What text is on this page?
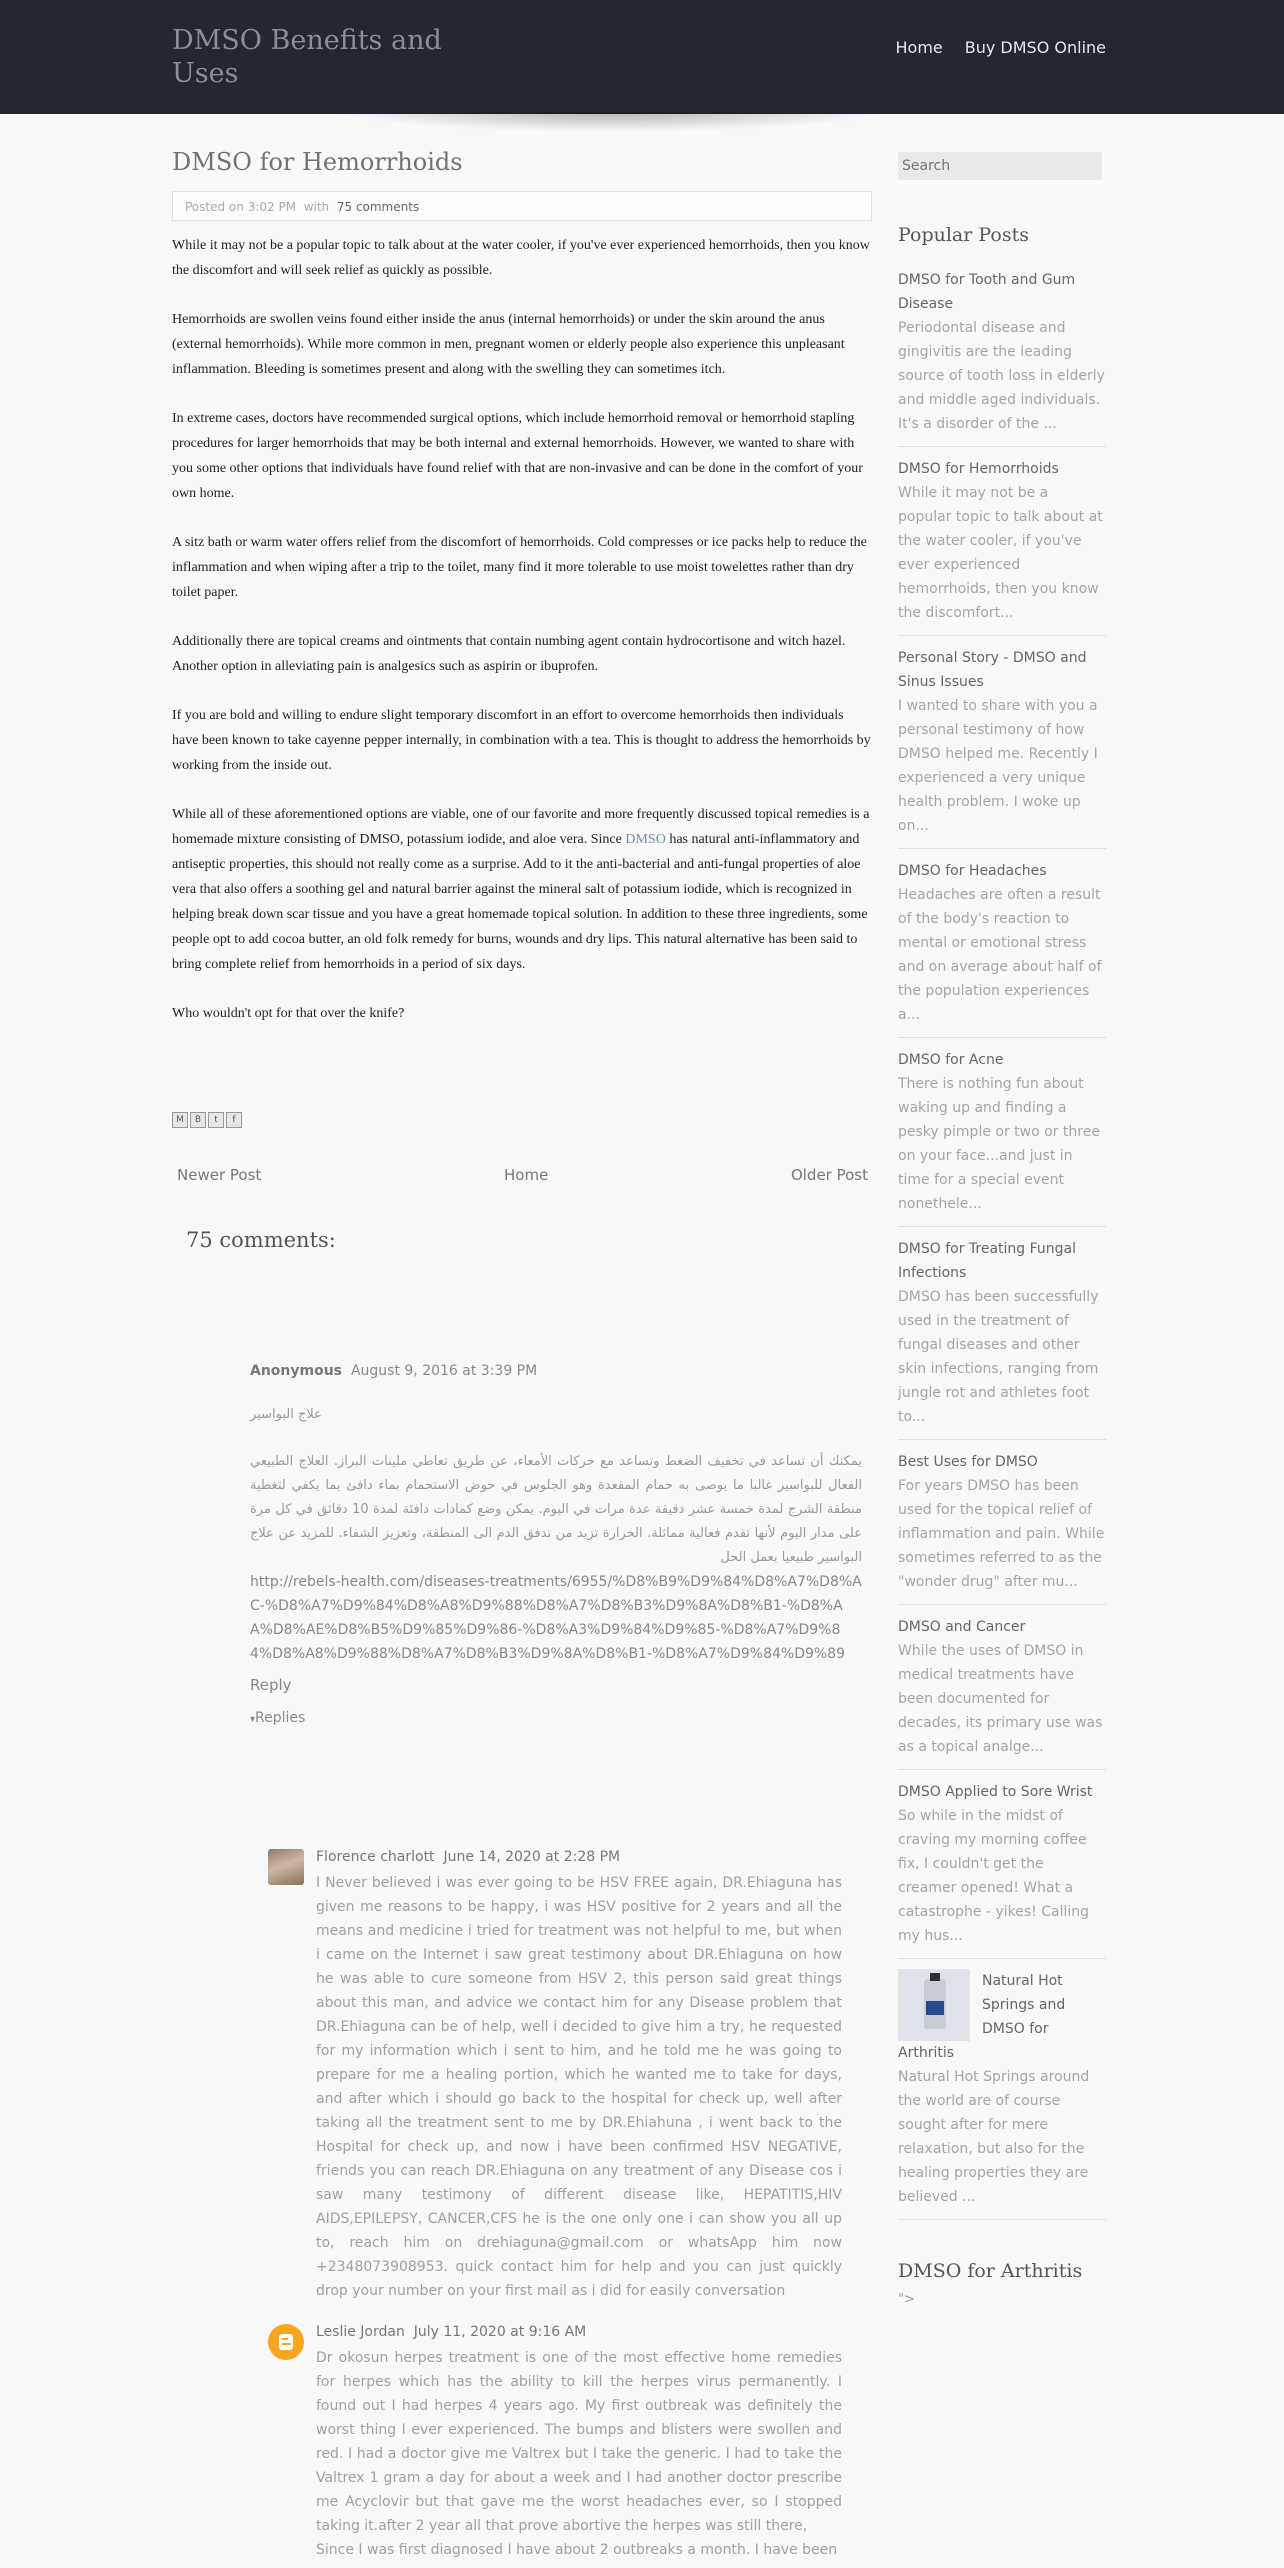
DMSO Benefits and Uses
Home Buy DMSO Online
DMSO for Hemorrhoids
Posted on 3:02 PM with 75 comments

While it may not be a popular topic to talk about at the water cooler, if you've ever experienced hemorrhoids, then you know the discomfort and will seek relief as quickly as possible.

Hemorrhoids are swollen veins found either inside the anus (internal hemorrhoids) or under the skin around the anus (external hemorrhoids). While more common in men, pregnant women or elderly people also experience this unpleasant inflammation. Bleeding is sometimes present and along with the swelling they can sometimes itch.

In extreme cases, doctors have recommended surgical options, which include hemorrhoid removal or hemorrhoid stapling procedures for larger hemorrhoids that may be both internal and external hemorrhoids. However, we wanted to share with you some other options that individuals have found relief with that are non-invasive and can be done in the comfort of your own home.

A sitz bath or warm water offers relief from the discomfort of hemorrhoids. Cold compresses or ice packs help to reduce the inflammation and when wiping after a trip to the toilet, many find it more tolerable to use moist towelettes rather than dry toilet paper.

Additionally there are topical creams and ointments that contain numbing agent contain hydrocortisone and witch hazel. Another option in alleviating pain is analgesics such as aspirin or ibuprofen.

If you are bold and willing to endure slight temporary discomfort in an effort to overcome hemorrhoids then individuals have been known to take cayenne pepper internally, in combination with a tea. This is thought to address the hemorrhoids by working from the inside out.

While all of these aforementioned options are viable, one of our favorite and more frequently discussed topical remedies is a homemade mixture consisting of DMSO, potassium iodide, and aloe vera. Since DMSO has natural anti-inflammatory and antiseptic properties, this should not really come as a surprise. Add to it the anti-bacterial and anti-fungal properties of aloe vera that also offers a soothing gel and natural barrier against the mineral salt of potassium iodide, which is recognized in helping break down scar tissue and you have a great homemade topical solution. In addition to these three ingredients, some people opt to add cocoa butter, an old folk remedy for burns, wounds and dry lips. This natural alternative has been said to bring complete relief from hemorrhoids in a period of six days.

Who wouldn't opt for that over the knife?

M	B	t	f
Newer Post	Home	Older Post
75 comments:
Anonymous August 9, 2016 at 3:39 PM
علاج البواسير
يمكنك أن تساعد في تخفيف الضغط وتساعد مع حركات الأمعاء، عن طريق تعاطي ملينات البراز. العلاج الطبيعي الفعال للبواسير غالبا ما يوصى به حمام المقعدة وهو الجلوس في حوض الاستحمام بماء دافئ بما يكفي لتغطية منطقة الشرج لمدة خمسة عشر دقيقة عدة مرات في اليوم. يمكن وضع كمادات دافئة لمدة 10 دقائق في كل مرة على مدار اليوم لأنها تقدم فعالية مماثلة. الحرارة تزيد من تدفق الدم الى المنطقة، وتعزيز الشفاء. للمزيد عن علاج البواسير طبيعيا بعمل الحل
http://rebels-health.com/diseases-treatments/6955/%D8%B9%D9%84%D8%A7%D8%AC-%D8%A7%D9%84%D8%A8%D9%88%D8%A7%D8%B3%D9%8A%D8%B1-%D8%AA%D8%AE%D8%B5%D9%85%D9%86-%D8%A3%D9%84%D9%85-%D8%A7%D9%84%D8%A8%D9%88%D8%A7%D8%B3%D9%8A%D8%B1-%D8%A7%D9%84%D9%89
Reply
▾Replies
Florence charlott June 14, 2020 at 2:28 PM
I Never believed i was ever going to be HSV FREE again, DR.Ehiaguna has given me reasons to be happy, i was HSV positive for 2 years and all the means and medicine i tried for treatment was not helpful to me, but when i came on the Internet i saw great testimony about DR.Ehiaguna on how he was able to cure someone from HSV 2, this person said great things about this man, and advice we contact him for any Disease problem that DR.Ehiaguna can be of help, well i decided to give him a try, he requested for my information which i sent to him, and he told me he was going to prepare for me a healing portion, which he wanted me to take for days, and after which i should go back to the hospital for check up, well after taking all the treatment sent to me by DR.Ehiahuna , i went back to the Hospital for check up, and now i have been confirmed HSV NEGATIVE, friends you can reach DR.Ehiaguna on any treatment of any Disease cos i saw many testimony of different disease like, HEPATITIS,HIV AIDS,EPILEPSY, CANCER,CFS he is the one only one i can show you all up to, reach him on drehiaguna@gmail.com or whatsApp him now +2348073908953. quick contact him for help and you can just quickly drop your number on your first mail as i did for easily conversation
Leslie Jordan July 11, 2020 at 9:16 AM
Dr okosun herpes treatment is one of the most effective home remedies for herpes which has the ability to kill the herpes virus permanently. I found out I had herpes 4 years ago. My first outbreak was definitely the worst thing I ever experienced. The bumps and blisters were swollen and red. I had a doctor give me Valtrex but I take the generic. I had to take the Valtrex 1 gram a day for about a week and I had another doctor prescribe me Acyclovir but that gave me the worst headaches ever, so I stopped taking it.after 2 year all that prove abortive the herpes was still there,
Since I was first diagnosed I have about 2 outbreaks a month. I have been
Search
Popular Posts
DMSO for Tooth and Gum Disease
Periodontal disease and gingivitis are the leading source of tooth loss in elderly and middle aged individuals. It's a disorder of the ...
DMSO for Hemorrhoids
While it may not be a popular topic to talk about at the water cooler, if you've ever experienced hemorrhoids, then you know the discomfort...
Personal Story - DMSO and Sinus Issues
I wanted to share with you a personal testimony of how DMSO helped me. Recently I experienced a very unique health problem. I woke up on...
DMSO for Headaches
Headaches are often a result of the body's reaction to mental or emotional stress and on average about half of the population experiences a...
DMSO for Acne
There is nothing fun about waking up and finding a pesky pimple or two or three on your face...and just in time for a special event nonethele...
DMSO for Treating Fungal Infections
DMSO has been successfully used in the treatment of fungal diseases and other skin infections, ranging from jungle rot and athletes foot to...
Best Uses for DMSO
For years DMSO has been used for the topical relief of inflammation and pain. While sometimes referred to as the "wonder drug" after mu...
DMSO and Cancer
While the uses of DMSO in medical treatments have been documented for decades, its primary use was as a topical analge...
DMSO Applied to Sore Wrist
So while in the midst of craving my morning coffee fix, I couldn't get the creamer opened! What a catastrophe - yikes! Calling my hus...
Natural Hot Springs and DMSO for Arthritis
Natural Hot Springs around the world are of course sought after for mere relaxation, but also for the healing properties they are believed ...
DMSO for Arthritis
">
